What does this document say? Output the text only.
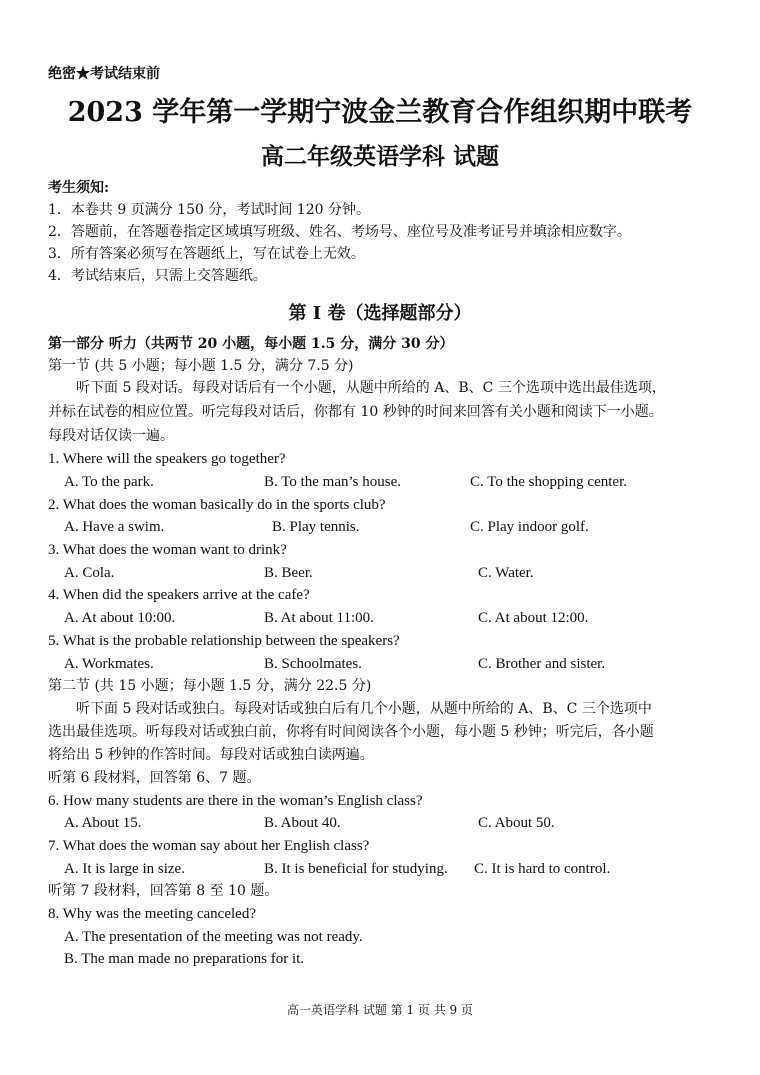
绝密★考试结束前
2023 学年第一学期宁波金兰教育合作组织期中联考
高二年级英语学科 试题
考生须知:
1．本卷共 9 页满分 150 分，考试时间 120 分钟。
2．答题前，在答题卷指定区域填写班级、姓名、考场号、座位号及准考证号并填涂相应数字。
3．所有答案必须写在答题纸上，写在试卷上无效。
4．考试结束后，只需上交答题纸。
第 I 卷（选择题部分）
第一部分 听力（共两节 20 小题，每小题 1.5 分，满分 30 分）
第一节 (共 5 小题；每小题 1.5 分，满分 7.5 分)
听下面 5 段对话。每段对话后有一个小题，从题中所给的 A、B、C 三个选项中选出最佳选项，
并标在试卷的相应位置。听完每段对话后，你都有 10 秒钟的时间来回答有关小题和阅读下一小题。
每段对话仅读一遍。
1. Where will the speakers go together?
A. To the park.	B. To the man’s house.	C. To the shopping center.
2. What does the woman basically do in the sports club?
A. Have a swim.	B. Play tennis.	C. Play indoor golf.
3. What does the woman want to drink?
A. Cola.	B. Beer.	C. Water.
4. When did the speakers arrive at the cafe?
A. At about 10:00.	B. At about 11:00.	C. At about 12:00.
5. What is the probable relationship between the speakers?
A. Workmates.	B. Schoolmates.	C. Brother and sister.
第二节 (共 15 小题；每小题 1.5 分，满分 22.5 分)
听下面 5 段对话或独白。每段对话或独白后有几个小题，从题中所给的 A、B、C 三个选项中
选出最佳选项。听每段对话或独白前，你将有时间阅读各个小题，每小题 5 秒钟；听完后，各小题
将给出 5 秒钟的作答时间。每段对话或独白读两遍。
听第 6 段材料，回答第 6、7 题。
6. How many students are there in the woman’s English class?
A. About 15.	B. About 40.	C. About 50.
7. What does the woman say about her English class?
A. It is large in size.	B. It is beneficial for studying. C. It is hard to control.
听第 7 段材料，回答第 8 至 10 题。
8. Why was the meeting canceled?
A. The presentation of the meeting was not ready.
B. The man made no preparations for it.
高一英语学科 试题 第 1 页 共 9 页
